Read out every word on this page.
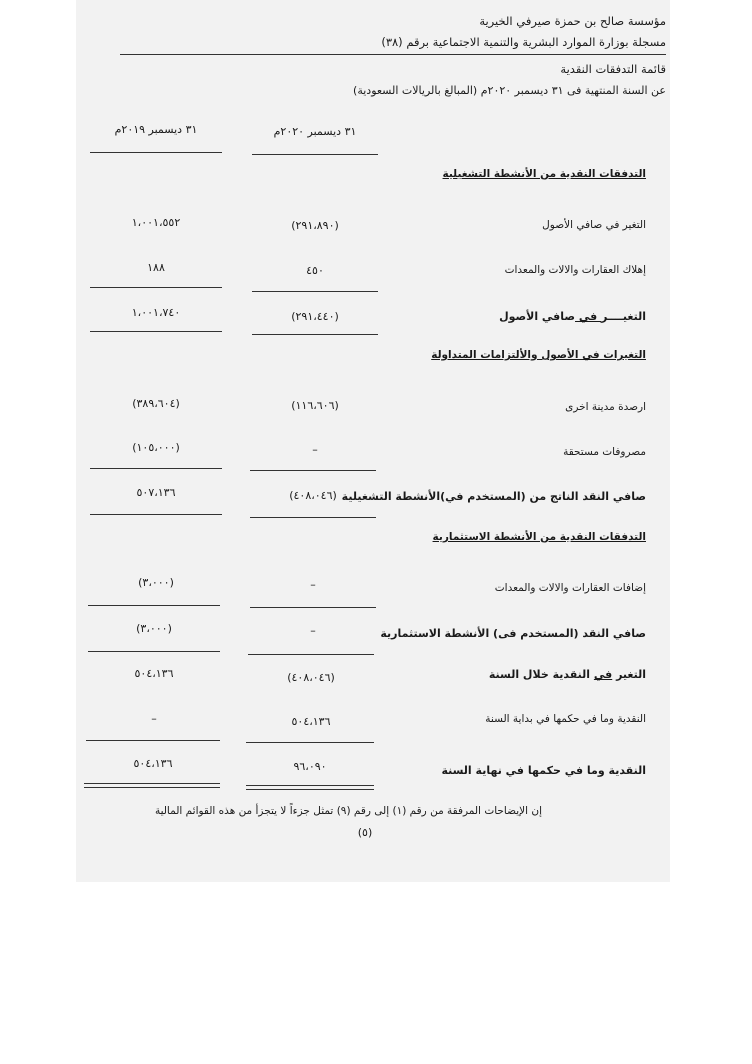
مؤسسة صالح بن حمزة صيرفي الخيرية
مسجلة بوزارة الموارد البشرية والتنمية الاجتماعية برقم (٣٨)
قائمة التدفقات النقدية
عن السنة المنتهية فى ٣١ ديسمبر ٢٠٢٠م (المبالغ بالريالات السعودية)
٣١ ديسمبر ٢٠٢٠م
٣١ ديسمبر ٢٠١٩م
التدفقات النقدية من الأنشطة التشغيلية
التغير في صافي الأصول
(٢٩١،٨٩٠)
١،٠٠١،٥٥٢
إهلاك العقارات والالات والمعدات
٤٥٠
١٨٨
التغيــــر في صافي الأصول
(٢٩١،٤٤٠)
١،٠٠١،٧٤٠
التغيرات في الأصول والألتزامات المتداولة
ارصدة مدينة اخرى
(١١٦،٦٠٦)
(٣٨٩،٦٠٤)
مصروفات مستحقة
–
(١٠٥،٠٠٠)
صافي النقد الناتج من (المستخدم في)الأنشطة التشغيلية
(٤٠٨،٠٤٦)
٥٠٧،١٣٦
التدفقات النقدية من الأنشطة الاستثمارية
إضافات العقارات والالات والمعدات
–
(٣،٠٠٠)
صافي النقد (المستخدم فى) الأنشطة الاستثمارية
–
(٣،٠٠٠)
التغير في النقدية خلال السنة
(٤٠٨،٠٤٦)
٥٠٤،١٣٦
النقدية وما في حكمها في بداية السنة
٥٠٤،١٣٦
–
النقدية وما في حكمها في نهاية السنة
٩٦،٠٩٠
٥٠٤،١٣٦
إن الإيضاحات المرفقة من رقم (١) إلى رقم (٩) تمثل جزءاً لا يتجزأ من هذه القوائم المالية
(٥)
